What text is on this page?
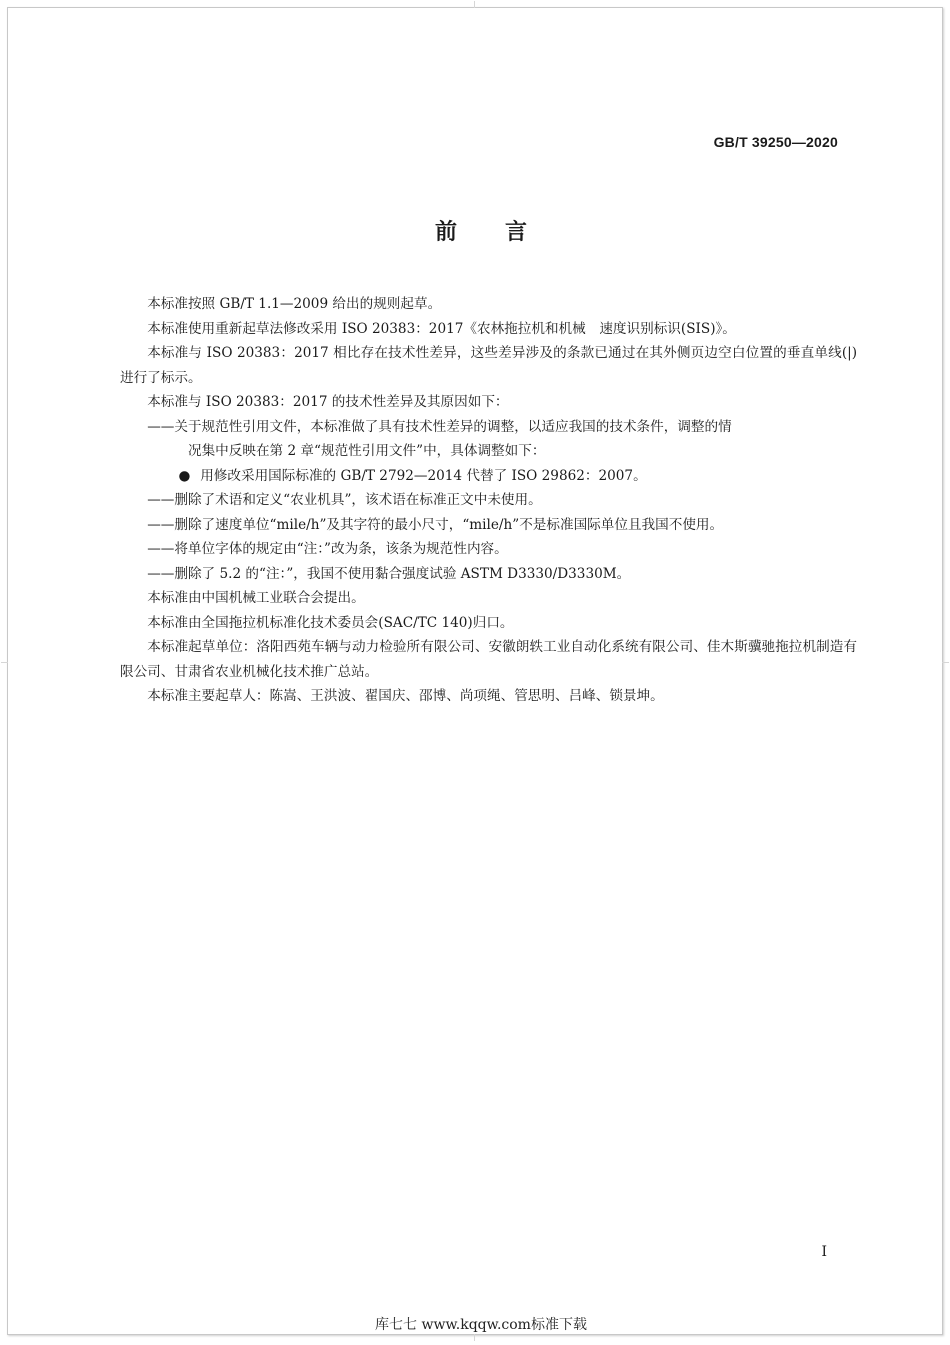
GB/T 39250—2020
前言

本标准按照 GB/T 1.1—2009 给出的规则起草。

本标准使用重新起草法修改采用 ISO 20383：2017《农林拖拉机和机械　速度识别标识(SIS)》。

本标准与 ISO 20383：2017 相比存在技术性差异，这些差异涉及的条款已通过在其外侧页边空白位置的垂直单线(|)进行了标示。

本标准与 ISO 20383：2017 的技术性差异及其原因如下：

——关于规范性引用文件，本标准做了具有技术性差异的调整，以适应我国的技术条件，调整的情
况集中反映在第 2 章“规范性引用文件”中，具体调整如下：

● 用修改采用国际标准的 GB/T 2792—2014 代替了 ISO 29862：2007。

——删除了术语和定义“农业机具”，该术语在标准正文中未使用。

——删除了速度单位“mile/h”及其字符的最小尺寸，“mile/h”不是标准国际单位且我国不使用。

——将单位字体的规定由“注：”改为条，该条为规范性内容。

——删除了 5.2 的“注：”，我国不使用黏合强度试验 ASTM D3330/D3330M。

本标准由中国机械工业联合会提出。

本标准由全国拖拉机标准化技术委员会(SAC/TC 140)归口。

本标准起草单位：洛阳西苑车辆与动力检验所有限公司、安徽朗轶工业自动化系统有限公司、佳木斯骥驰拖拉机制造有限公司、甘肃省农业机械化技术推广总站。

本标准主要起草人：陈嵩、王洪波、翟国庆、邵博、尚项绳、管思明、吕峰、锁景坤。

I
库七七 www.kqqw.com标准下载
